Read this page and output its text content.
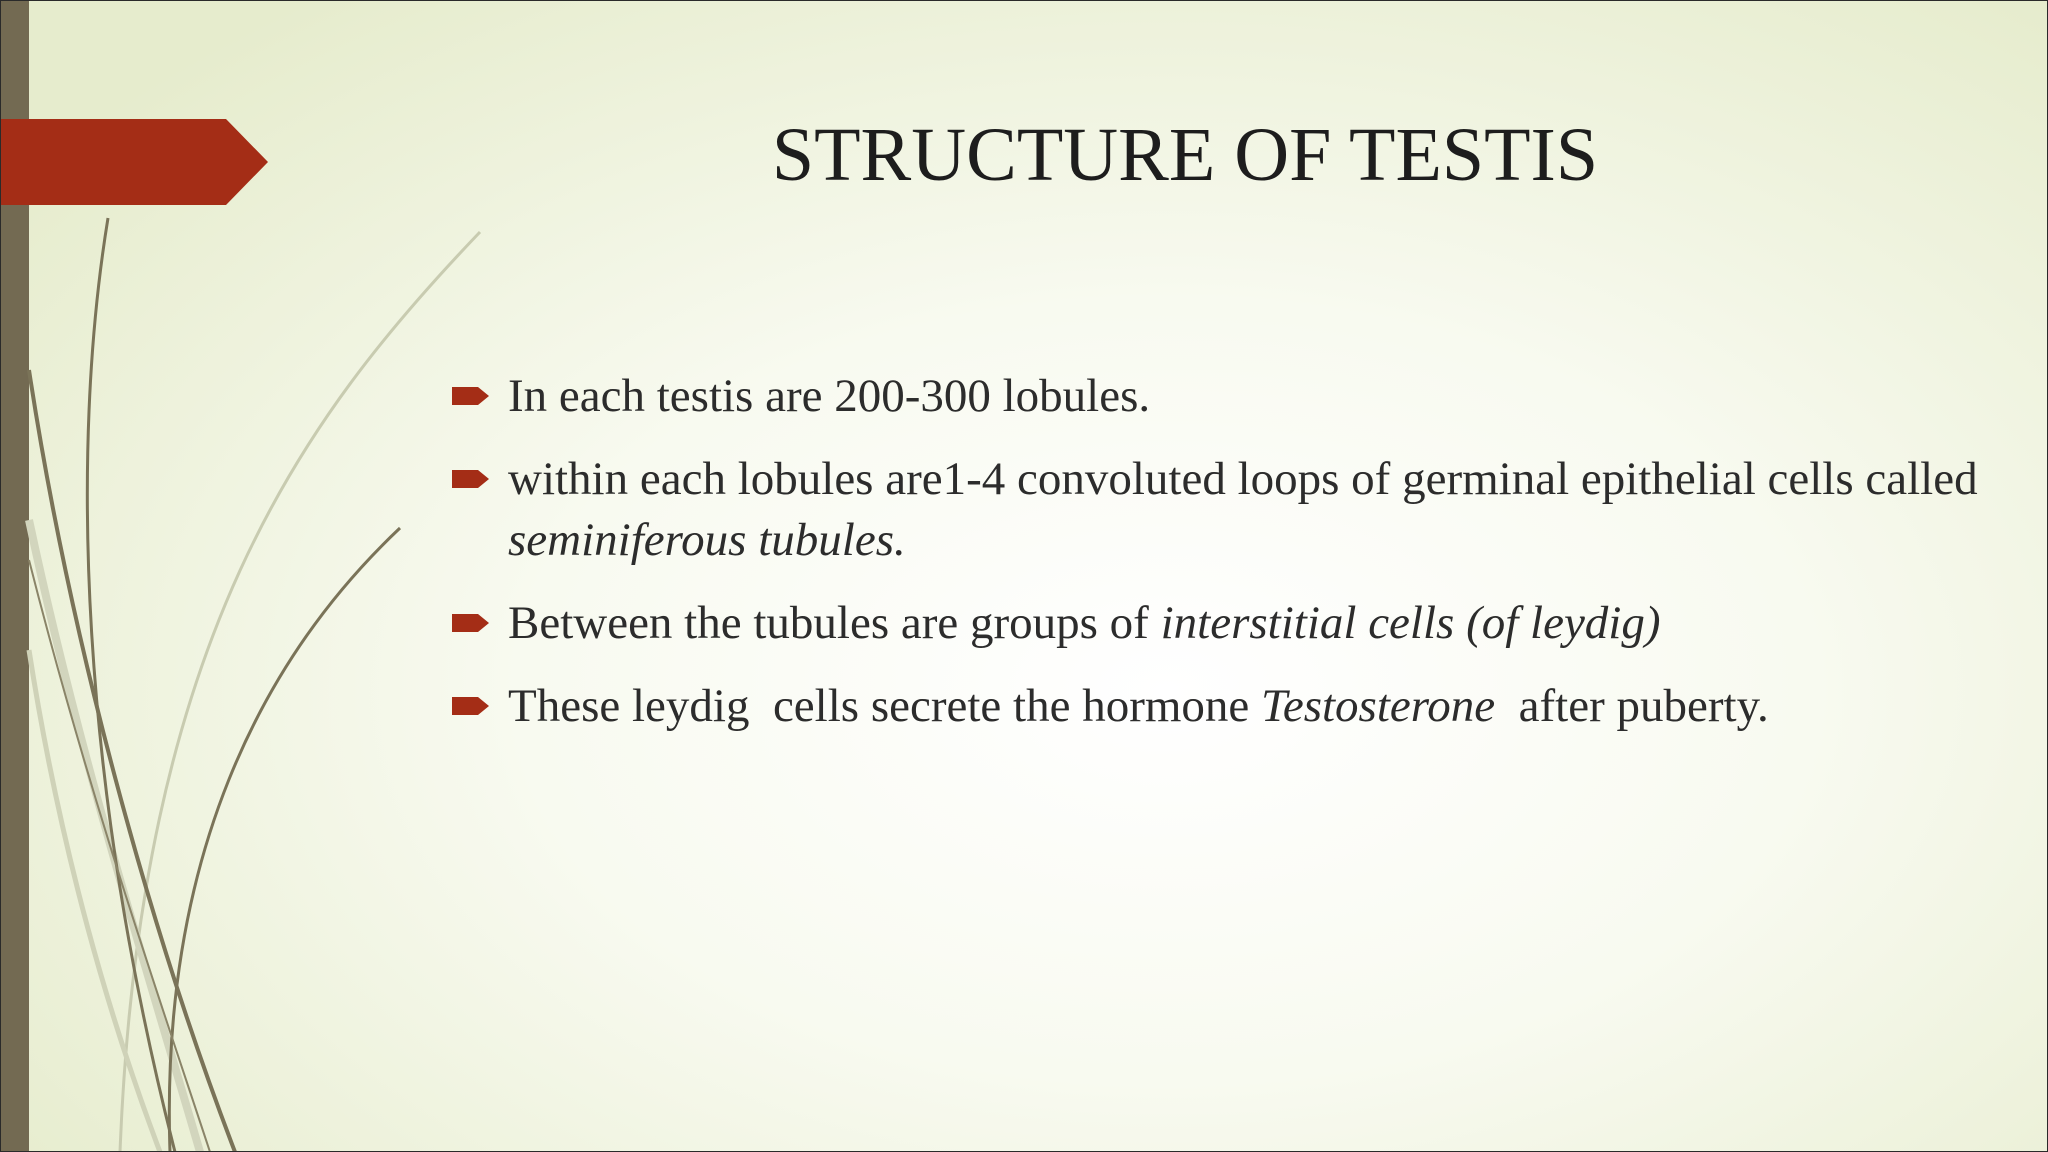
STRUCTURE OF TESTIS
In each testis are 200-300 lobules.
within each lobules are1-4 convoluted loops of germinal epithelial cells called seminiferous tubules.
Between the tubules are groups of interstitial cells (of leydig)
These leydig  cells secrete the hormone Testosterone  after puberty.
